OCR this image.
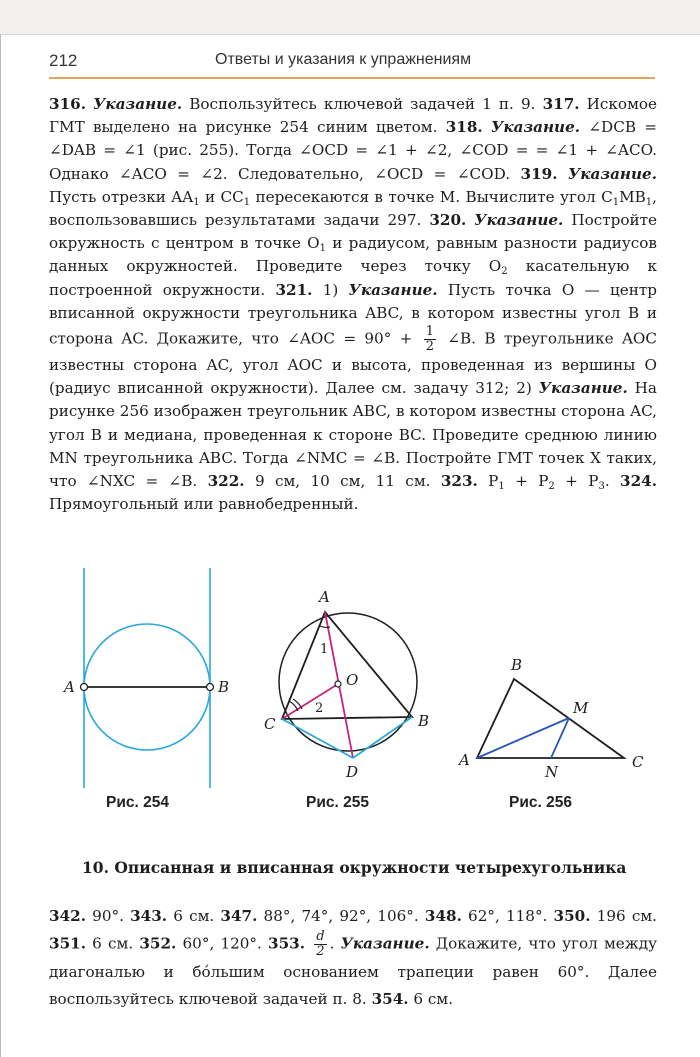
212	Ответы и указания к упражнениям

316. Указание. Воспользуйтесь ключевой задачей 1 п. 9. 317. Искомое ГМТ выделено на рисунке 254 синим цветом. 318. Указание. ∠DCB = ∠DAB = ∠1 (рис. 255). Тогда ∠OCD = ∠1 + ∠2, ∠COD = = ∠1 + ∠ACO. Однако ∠ACO = ∠2. Следовательно, ∠OCD = ∠COD. 319. Указание. Пусть отрезки $AA_1$ и $CC_1$ пересекаются в точке M. Вычислите угол $C_1MB_1$, воспользовавшись результатами задачи 297. 320. Указание. Постройте окружность с центром в точке $O_1$ и радиусом, равным разности радиусов данных окружностей. Проведите через точку $O_2$ касательную к построенной окружности. 321. 1) Указание. Пусть точка O — центр вписанной окружности треугольника ABC, в котором известны угол B и сторона AC. Докажите, что ∠AOC = $90^\circ + \frac{1}{2}$ ∠B. В треугольнике AOC известны сторона AC, угол AOC и высота, проведенная из вершины O (радиус вписанной окружности). Далее см. задачу 312; 2) Указание. На рисунке 256 изображен треугольник ABC, в котором известны сторона AC, угол B и медиана, проведенная к стороне BC. Проведите среднюю линию MN треугольника ABC. Тогда ∠NMC = ∠B. Постройте ГМТ точек X таких, что ∠NXC = ∠B. 322. 9 см, 10 см, 11 см. 323. $P_1 + P_2 + P_3$. 324. Прямоугольный или равнобедренный.

A	B
Рис. 254
A
B
C
D
O
1
2
Рис. 255
B
A	C
M
N
Рис. 256
10. Описанная и вписанная окружности четырехугольника

342. 90°. 343. 6 см. 347. 88°, 74°, 92°, 106°. 348. 62°, 118°. 350. 196 см. 351. 6 см. 352. 60°, 120°. 353. $\frac{d}{2}$ . Указание. Докажите, что угол между диагональю и бо́льшим основанием трапеции равен 60°. Далее воспользуйтесь ключевой задачей п. 8. 354. 6 см.
